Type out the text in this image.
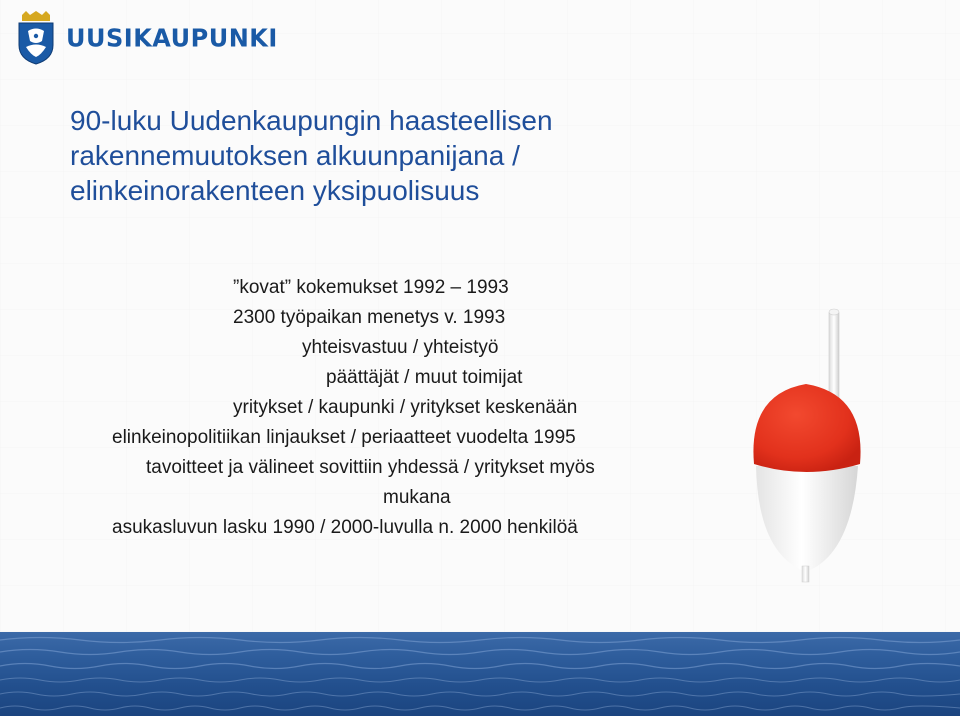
UUSIKAUPUNKI
90-luku Uudenkaupungin haasteellisen
rakennemuutoksen alkuunpanijana /
elinkeinorakenteen yksipuolisuus
”kovat” kokemukset 1992 – 1993
2300 työpaikan menetys v. 1993
yhteisvastuu / yhteistyö
päättäjät / muut toimijat
yritykset / kaupunki / yritykset keskenään
elinkeinopolitiikan linjaukset / periaatteet vuodelta 1995
tavoitteet ja välineet sovittiin yhdessä / yritykset myös
mukana
asukasluvun lasku 1990 / 2000-luvulla n. 2000 henkilöä
